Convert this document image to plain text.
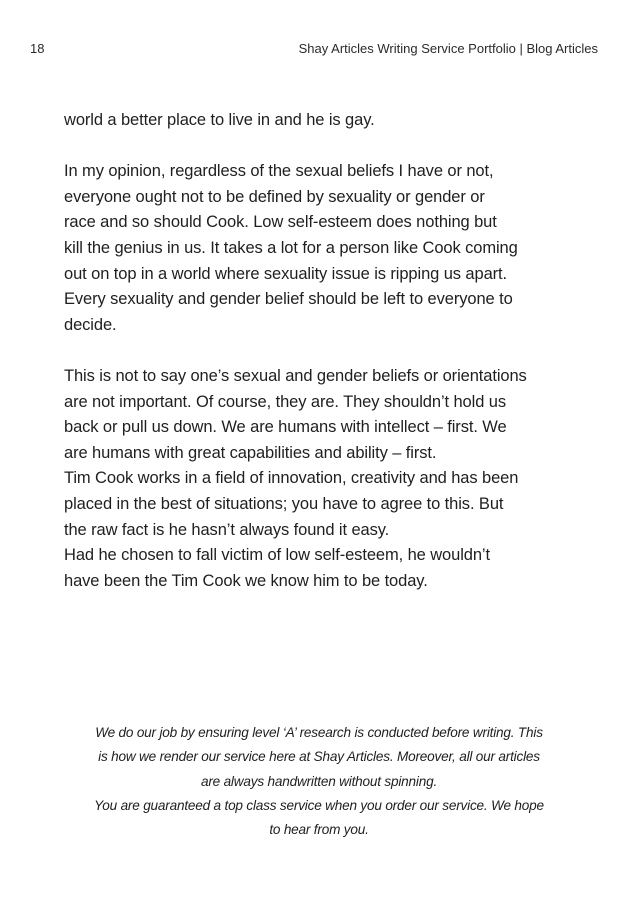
18	Shay Articles Writing Service Portfolio | Blog Articles

world a better place to live in and he is gay.

In my opinion, regardless of the sexual beliefs I have or not,

everyone ought not to be defined by sexuality or gender or

race and so should Cook. Low self-esteem does nothing but

kill the genius in us. It takes a lot for a person like Cook coming

out on top in a world where sexuality issue is ripping us apart.

Every sexuality and gender belief should be left to everyone to

decide.

This is not to say one’s sexual and gender beliefs or orientations

are not important. Of course, they are. They shouldn’t hold us

back or pull us down. We are humans with intellect – first. We

are humans with great capabilities and ability – first.

Tim Cook works in a field of innovation, creativity and has been

placed in the best of situations; you have to agree to this. But

the raw fact is he hasn’t always found it easy.

Had he chosen to fall victim of low self-esteem, he wouldn’t

have been the Tim Cook we know him to be today.

We do our job by ensuring level ‘A’ research is conducted before writing. This

is how we render our service here at Shay Articles. Moreover, all our articles

are always handwritten without spinning.

You are guaranteed a top class service when you order our service. We hope

to hear from you.
